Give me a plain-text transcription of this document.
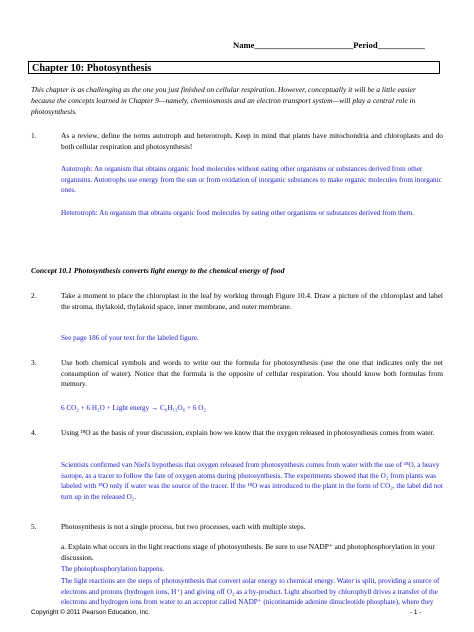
Name_______________________Period___________
Chapter 10: Photosynthesis
This chapter is as challenging as the one you just finished on cellular respiration. However, conceptually it will be a little easier because the concepts learned in Chapter 9—namely, chemiosmosis and an electron transport system—will play a central role in photosynthesis.
1.	As a review, define the terms autotroph and heterotroph. Keep in mind that plants have mitochondria and chloroplasts and do both cellular respiration and photosynthesis!
Autotroph: An organism that obtains organic food molecules without eating other organisms or substances derived from other organisms. Autotrophs use energy from the sun or from oxidation of inorganic substances to make organic molecules from inorganic ones.
Heterotroph: An organism that obtains organic food molecules by eating other organisms or substances derived from them.
Concept 10.1 Photosynthesis converts light energy to the chemical energy of food
2.	Take a moment to place the chloroplast in the leaf by working through Figure 10.4. Draw a picture of the chloroplast and label the stroma, thylakoid, thylakoid space, inner membrane, and outer membrane.
See page 186 of your text for the labeled figure.
3.	Use both chemical symbols and words to write out the formula for photosynthesis (use the one that indicates only the net consumption of water). Notice that the formula is the opposite of cellular respiration. You should know both formulas from memory.
6 CO₂ + 6 H₂O + Light energy → C₆H₁₂O₆ + 6 O₂
4.	Using ¹⁸O as the basis of your discussion, explain how we know that the oxygen released in photosynthesis comes from water.
Scientists confirmed van Niel's hypothesis that oxygen released from photosynthesis comes from water with the use of ¹⁸O, a heavy isotope, as a tracer to follow the fate of oxygen atoms during photosynthesis. The experiments showed that the O₂ from plants was labeled with ¹⁸O only if water was the source of the tracer. If the ¹⁸O was introduced to the plant in the form of CO₂, the label did not turn up in the released O₂.
5.	Photosynthesis is not a single process, but two processes, each with multiple steps.
a. Explain what occurs in the light reactions stage of photosynthesis. Be sure to use NADP⁺ and photophosphorylation in your discussion.
The photophosphorylation happens.
The light reactions are the steps of photosynthesis that convert solar energy to chemical energy. Water is split, providing a source of electrons and protons (hydrogen ions, H⁺) and giving off O₂ as a by-product. Light absorbed by chlorophyll drives a transfer of the electrons and hydrogen ions from water to an acceptor called NADP⁺ (nicotinamide adenine dinucleotide phosphate), where they
Copyright © 2011 Pearson Education, Inc.	- 1 -
